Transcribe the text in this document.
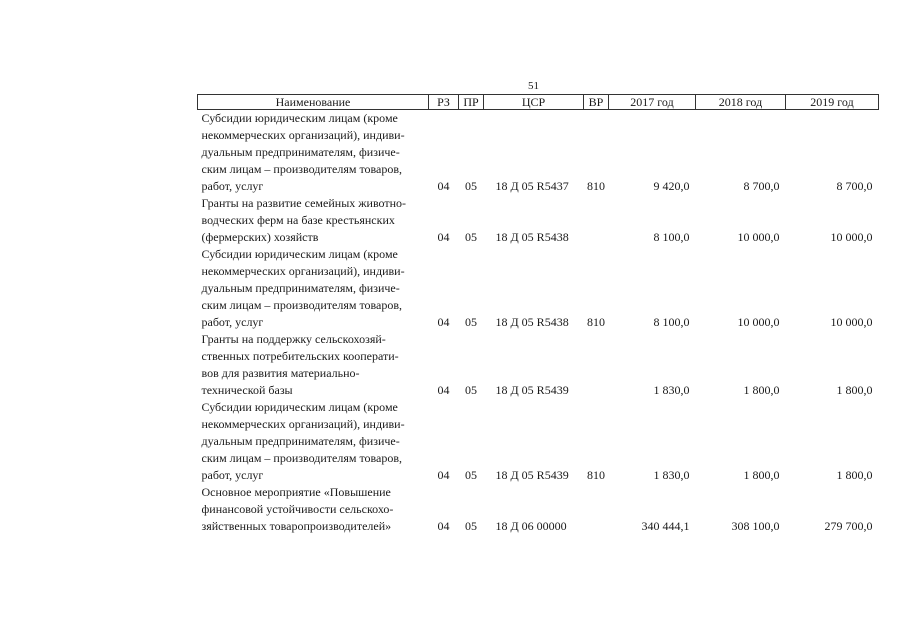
51
Наименование	РЗ	ПР	ЦСР	ВР	2017 год	2018 год	2019 год

Субсидии юридическим лицам (кроме
некоммерческих организаций), индиви-
дуальным предпринимателям, физиче-
ским лицам – производителям товаров,
работ, услуг	04	05	18 Д 05 R5437	810	9 420,0	8 700,0	8 700,0

Гранты на развитие семейных животно-
водческих ферм на базе крестьянских
(фермерских) хозяйств	04	05	18 Д 05 R5438		8 100,0	10 000,0	10 000,0

Субсидии юридическим лицам (кроме
некоммерческих организаций), индиви-
дуальным предпринимателям, физиче-
ским лицам – производителям товаров,
работ, услуг	04	05	18 Д 05 R5438	810	8 100,0	10 000,0	10 000,0

Гранты на поддержку сельскохозяй-
ственных потребительских кооперати-
вов для развития материально-
технической базы	04	05	18 Д 05 R5439		1 830,0	1 800,0	1 800,0

Субсидии юридическим лицам (кроме
некоммерческих организаций), индиви-
дуальным предпринимателям, физиче-
ским лицам – производителям товаров,
работ, услуг	04	05	18 Д 05 R5439	810	1 830,0	1 800,0	1 800,0

Основное мероприятие «Повышение
финансовой устойчивости сельскохо-
зяйственных товаропроизводителей»	04	05	18 Д 06 00000		340 444,1	308 100,0	279 700,0
